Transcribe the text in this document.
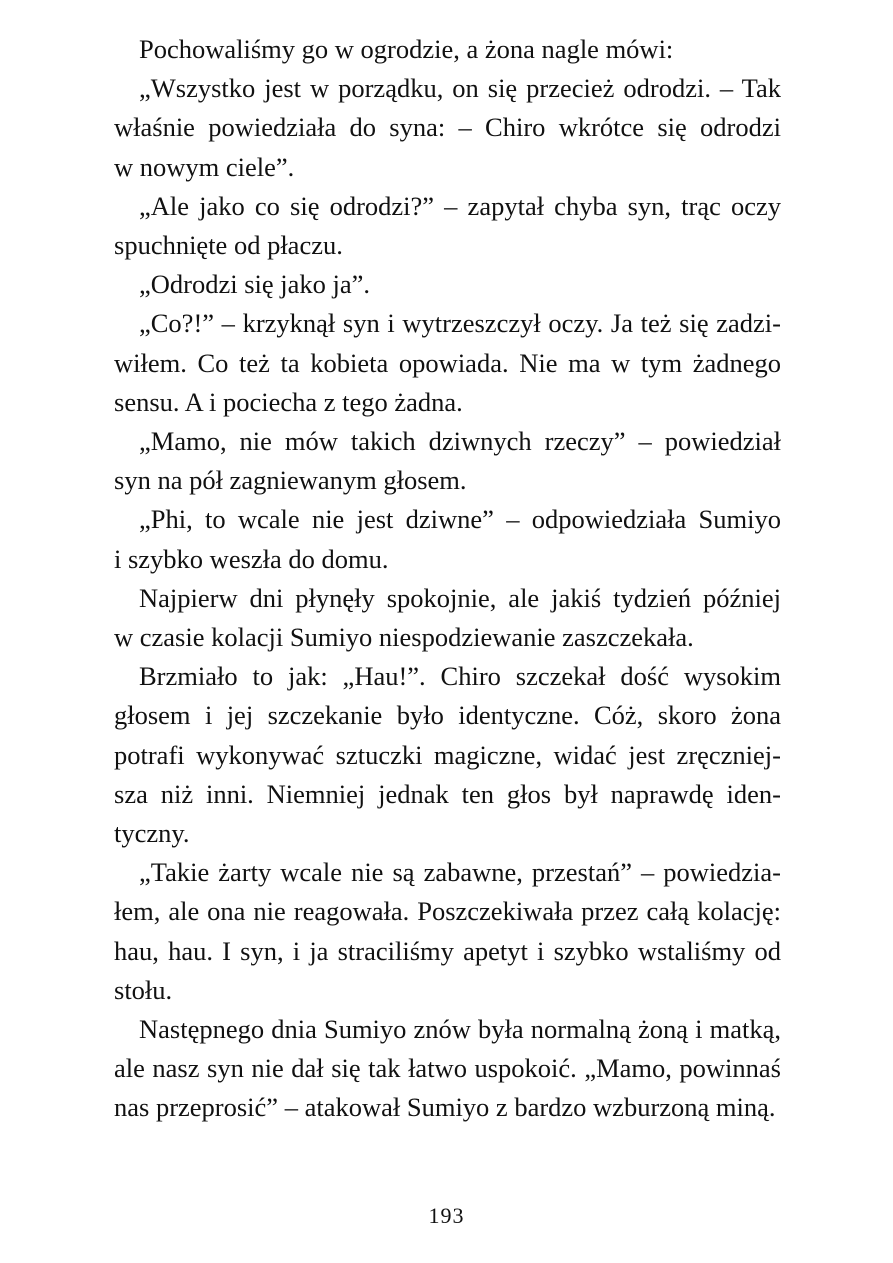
Pochowaliśmy go w ogrodzie, a żona nagle mówi:
„Wszystko jest w porządku, on się przecież odrodzi. – Tak
właśnie powiedziała do syna: – Chiro wkrótce się odrodzi
w nowym ciele”.
„Ale jako co się odrodzi?” – zapytał chyba syn, trąc oczy
spuchnięte od płaczu.
„Odrodzi się jako ja”.
„Co?!” – krzyknął syn i wytrzeszczył oczy. Ja też się zadzi-
wiłem. Co też ta kobieta opowiada. Nie ma w tym żadnego
sensu. A i pociecha z tego żadna.
„Mamo, nie mów takich dziwnych rzeczy” – powiedział
syn na pół zagniewanym głosem.
„Phi, to wcale nie jest dziwne” – odpowiedziała Sumiyo
i szybko weszła do domu.
Najpierw dni płynęły spokojnie, ale jakiś tydzień później
w czasie kolacji Sumiyo niespodziewanie zaszczekała.
Brzmiało to jak: „Hau!”. Chiro szczekał dość wysokim
głosem i jej szczekanie było identyczne. Cóż, skoro żona
potrafi wykonywać sztuczki magiczne, widać jest zręczniej-
sza niż inni. Niemniej jednak ten głos był naprawdę iden-
tyczny.
„Takie żarty wcale nie są zabawne, przestań” – powiedzia-
łem, ale ona nie reagowała. Poszczekiwała przez całą kolację:
hau, hau. I syn, i ja straciliśmy apetyt i szybko wstaliśmy od
stołu.
Następnego dnia Sumiyo znów była normalną żoną i matką,
ale nasz syn nie dał się tak łatwo uspokoić. „Mamo, powinnaś
nas przeprosić” – atakował Sumiyo z bardzo wzburzoną miną.
193
